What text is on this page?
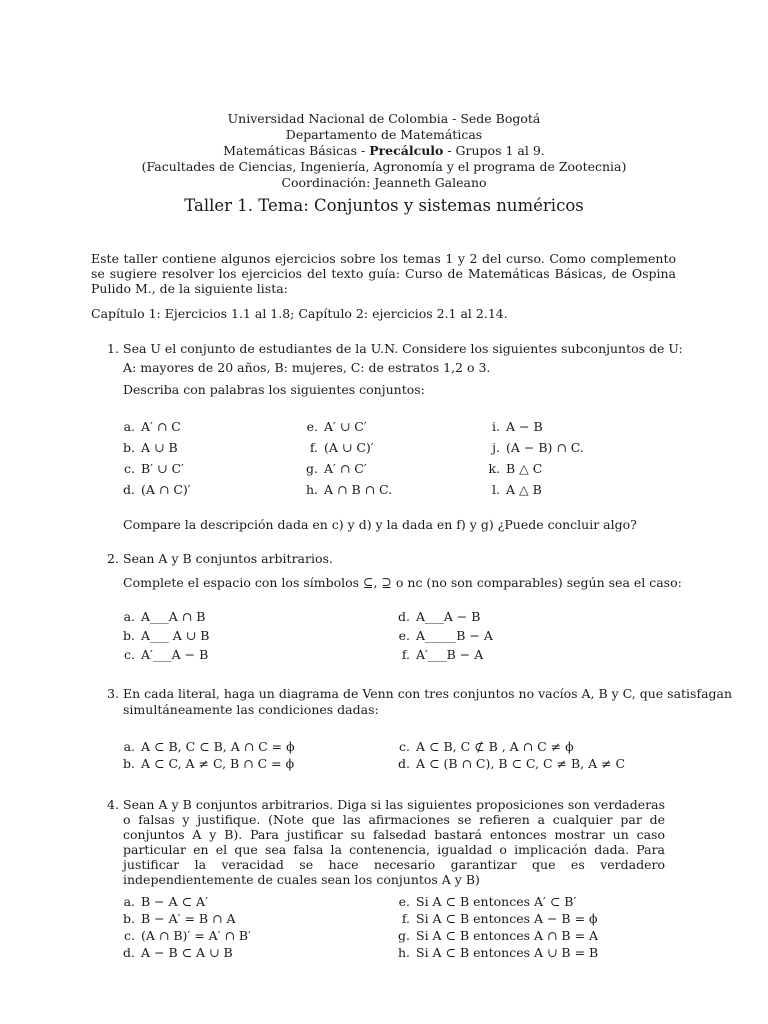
Universidad Nacional de Colombia - Sede Bogotá
Departamento de Matemáticas
Matemáticas Básicas - Precálculo - Grupos 1 al 9.
(Facultades de Ciencias, Ingeniería, Agronomía y el programa de Zootecnia)
Coordinación: Jeanneth Galeano
Taller 1. Tema: Conjuntos y sistemas numéricos

Este taller contiene algunos ejercicios sobre los temas 1 y 2 del curso. Como complemento se sugiere resolver los ejercicios del texto guía: Curso de Matemáticas Básicas, de Ospina Pulido M., de la siguiente lista:

Capítulo 1: Ejercicios 1.1 al 1.8; Capítulo 2: ejercicios 2.1 al 2.14.

1. Sea U el conjunto de estudiantes de la U.N. Considere los siguientes subconjuntos de U:
A: mayores de 20 años, B: mujeres, C: de estratos 1,2 o 3.
Describa con palabras los siguientes conjuntos:
a. A′ ∩ C
b. A ∪ B
c. B′ ∪ C′
d. (A ∩ C)′
e. A′ ∪ C′
f. (A ∪ C)′
g. A′ ∩ C′
h. A ∩ B ∩ C.
i. A − B
j. (A − B) ∩ C.
k. B △ C
l. A △ B
Compare la descripción dada en c) y d) y la dada en f) y g) ¿Puede concluir algo?
2. Sean A y B conjuntos arbitrarios.
Complete el espacio con los símbolos ⊆, ⊇ o nc (no son comparables) según sea el caso:
a. A___A ∩ B
b. A___ A ∪ B
c. A′___A − B
d. A___A − B
e. A_____B − A
f. A′___B − A
3. En cada literal, haga un diagrama de Venn con tres conjuntos no vacíos A, B y C, que satisfagan
simultáneamente las condiciones dadas:
a. A ⊂ B, C ⊂ B, A ∩ C = ϕ
b. A ⊂ C, A ≠ C, B ∩ C = ϕ
c. A ⊂ B, C ⊄ B , A ∩ C ≠ ϕ
d. A ⊂ (B ∩ C), B ⊂ C, C ≠ B, A ≠ C
4. Sean A y B conjuntos arbitrarios. Diga si las siguientes proposiciones son verdaderas o falsas y justifique. (Note que las afirmaciones se refieren a cualquier par de conjuntos A y B). Para justificar su falsedad bastará entonces mostrar un caso particular en el que sea falsa la contenencia, igualdad o implicación dada. Para justificar la veracidad se hace necesario garantizar que es verdadero independientemente de cuales sean los conjuntos A y B)

a. B − A ⊂ A′
b. B − A′ = B ∩ A
c. (A ∩ B)′ = A′ ∩ B′
d. A − B ⊂ A ∪ B
e. Si A ⊂ B entonces A′ ⊂ B′
f. Si A ⊂ B entonces A − B = ϕ
g. Si A ⊂ B entonces A ∩ B = A
h. Si A ⊂ B entonces A ∪ B = B
